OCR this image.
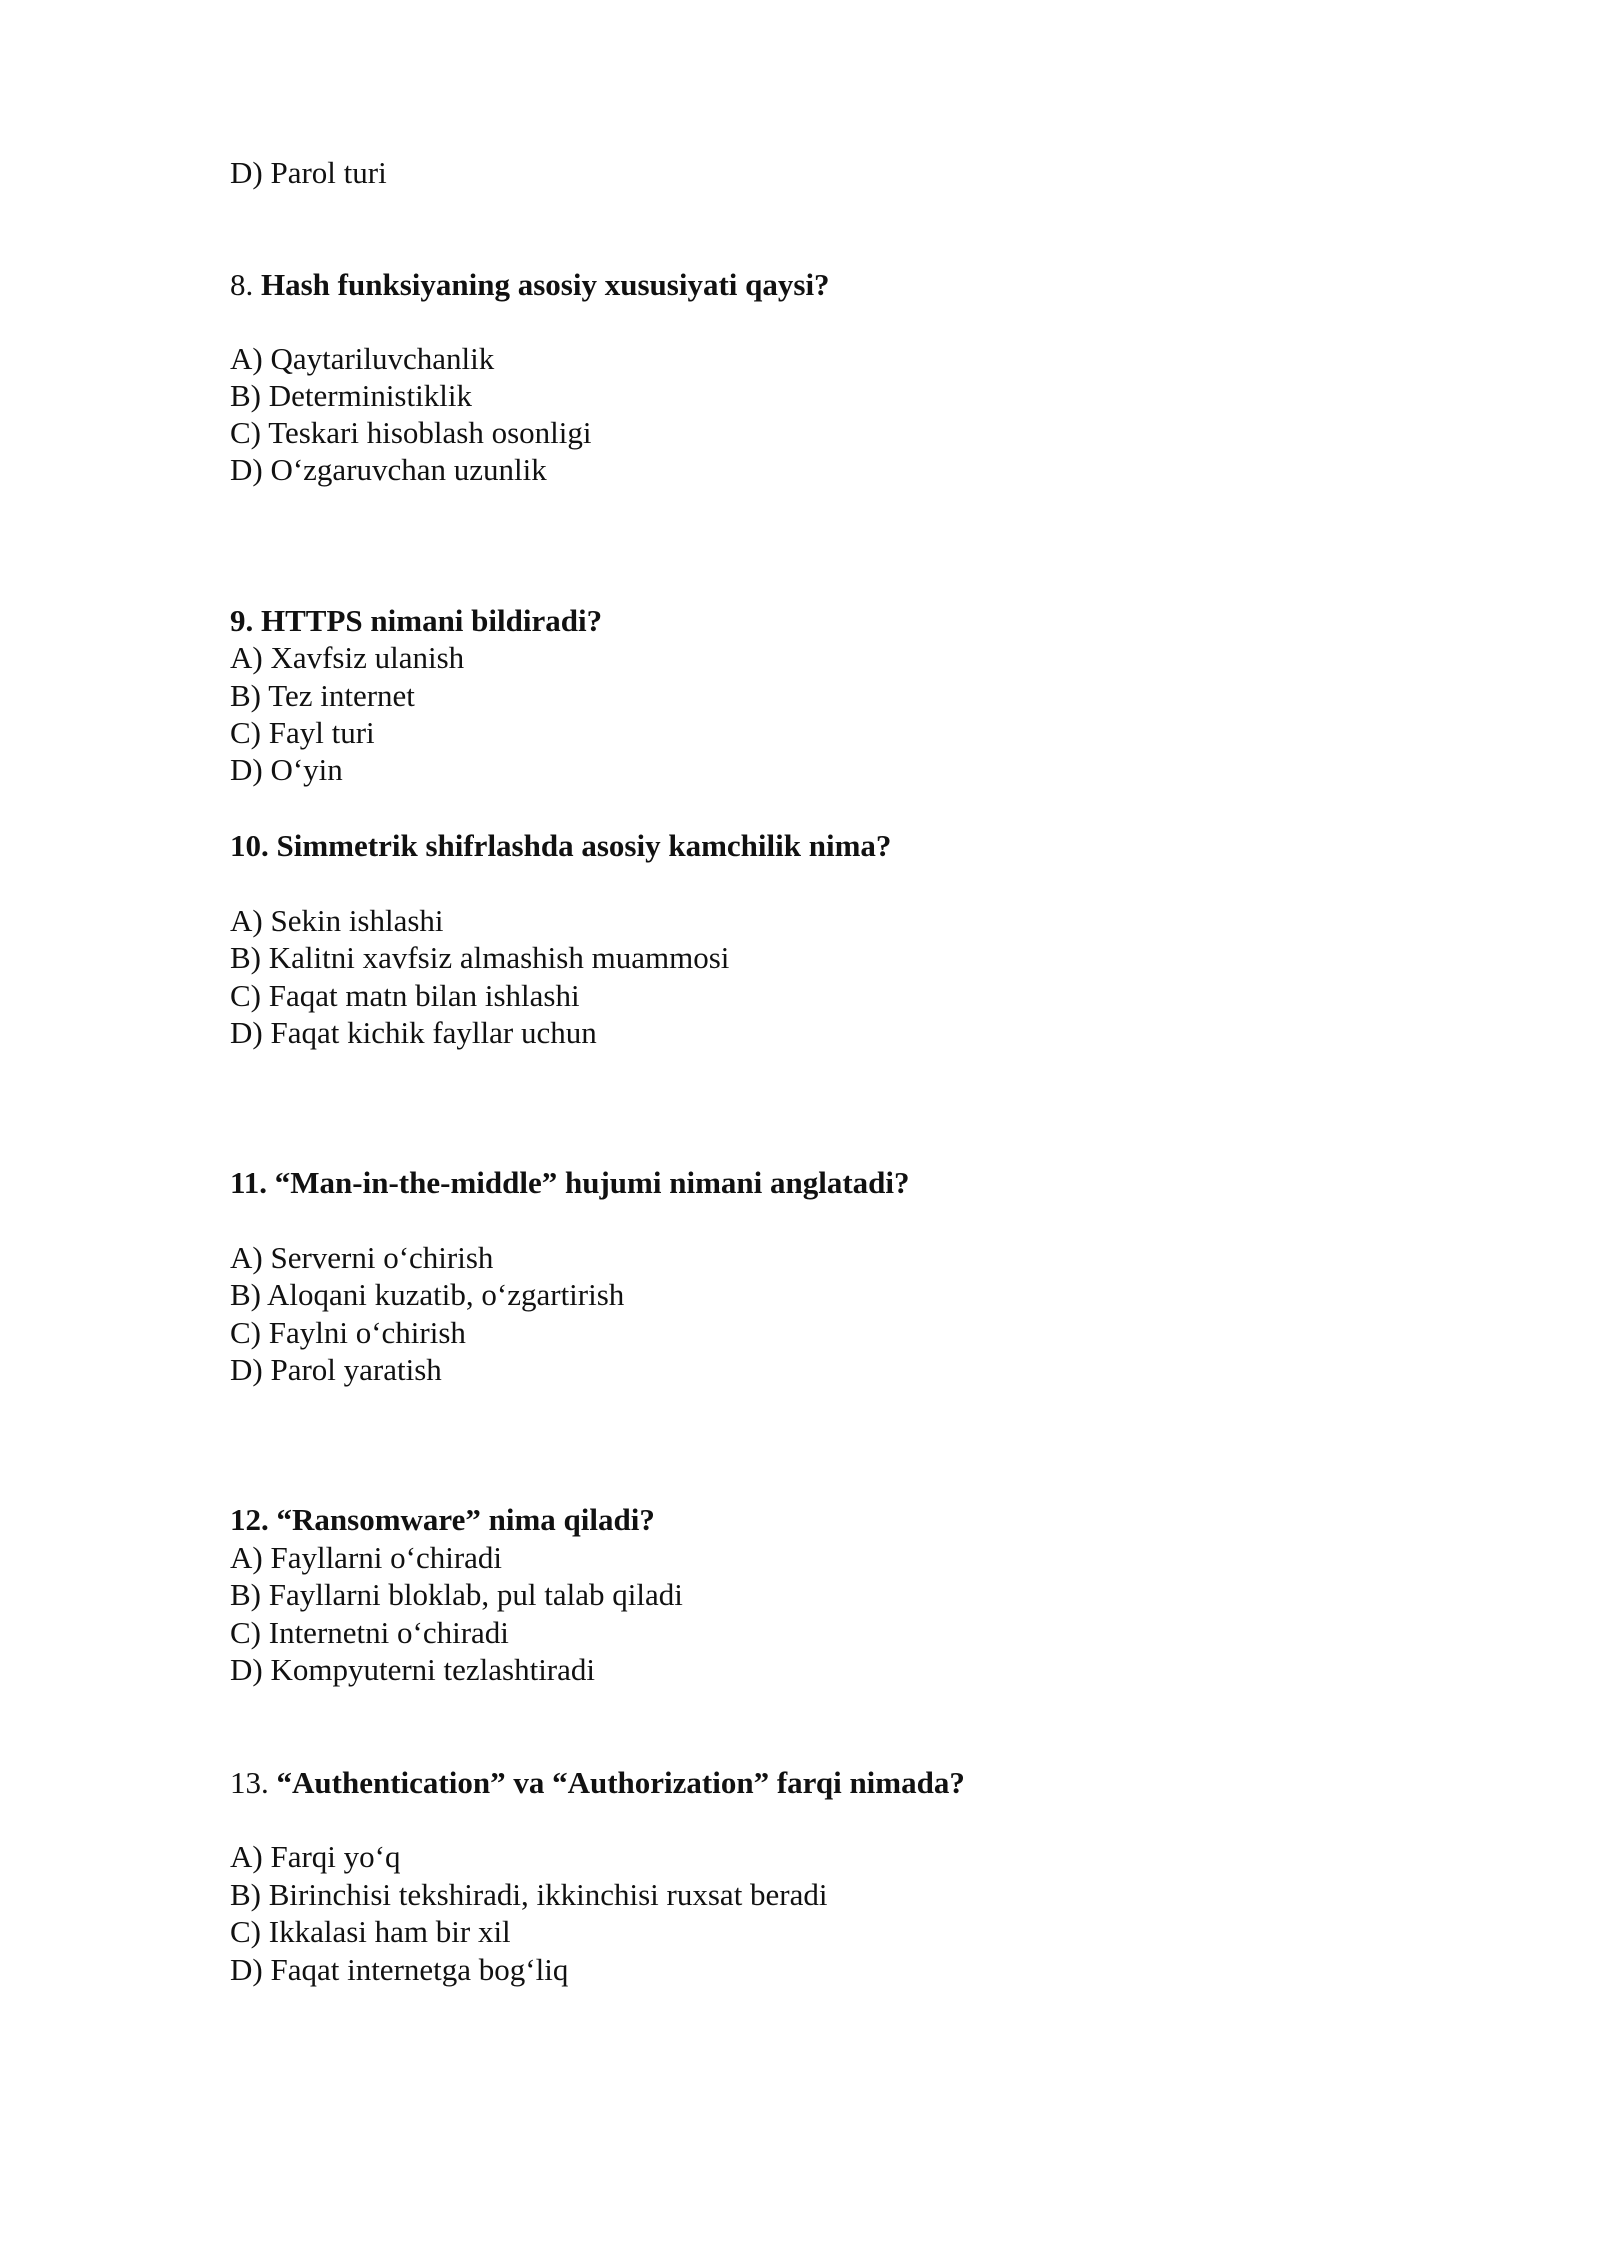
D) Parol turi
8. Hash funksiyaning asosiy xususiyati qaysi?
A) Qaytariluvchanlik
B) Deterministiklik
C) Teskari hisoblash osonligi
D) O‘zgaruvchan uzunlik
9. HTTPS nimani bildiradi?
A) Xavfsiz ulanish
B) Tez internet
C) Fayl turi
D) O‘yin
10. Simmetrik shifrlashda asosiy kamchilik nima?
A) Sekin ishlashi
B) Kalitni xavfsiz almashish muammosi
C) Faqat matn bilan ishlashi
D) Faqat kichik fayllar uchun
11. “Man-in-the-middle” hujumi nimani anglatadi?
A) Serverni o‘chirish
B) Aloqani kuzatib, o‘zgartirish
C) Faylni o‘chirish
D) Parol yaratish
12. “Ransomware” nima qiladi?
A) Fayllarni o‘chiradi
B) Fayllarni bloklab, pul talab qiladi
C) Internetni o‘chiradi
D) Kompyuterni tezlashtiradi
13. “Authentication” va “Authorization” farqi nimada?
A) Farqi yo‘q
B) Birinchisi tekshiradi, ikkinchisi ruxsat beradi
C) Ikkalasi ham bir xil
D) Faqat internetga bog‘liq
